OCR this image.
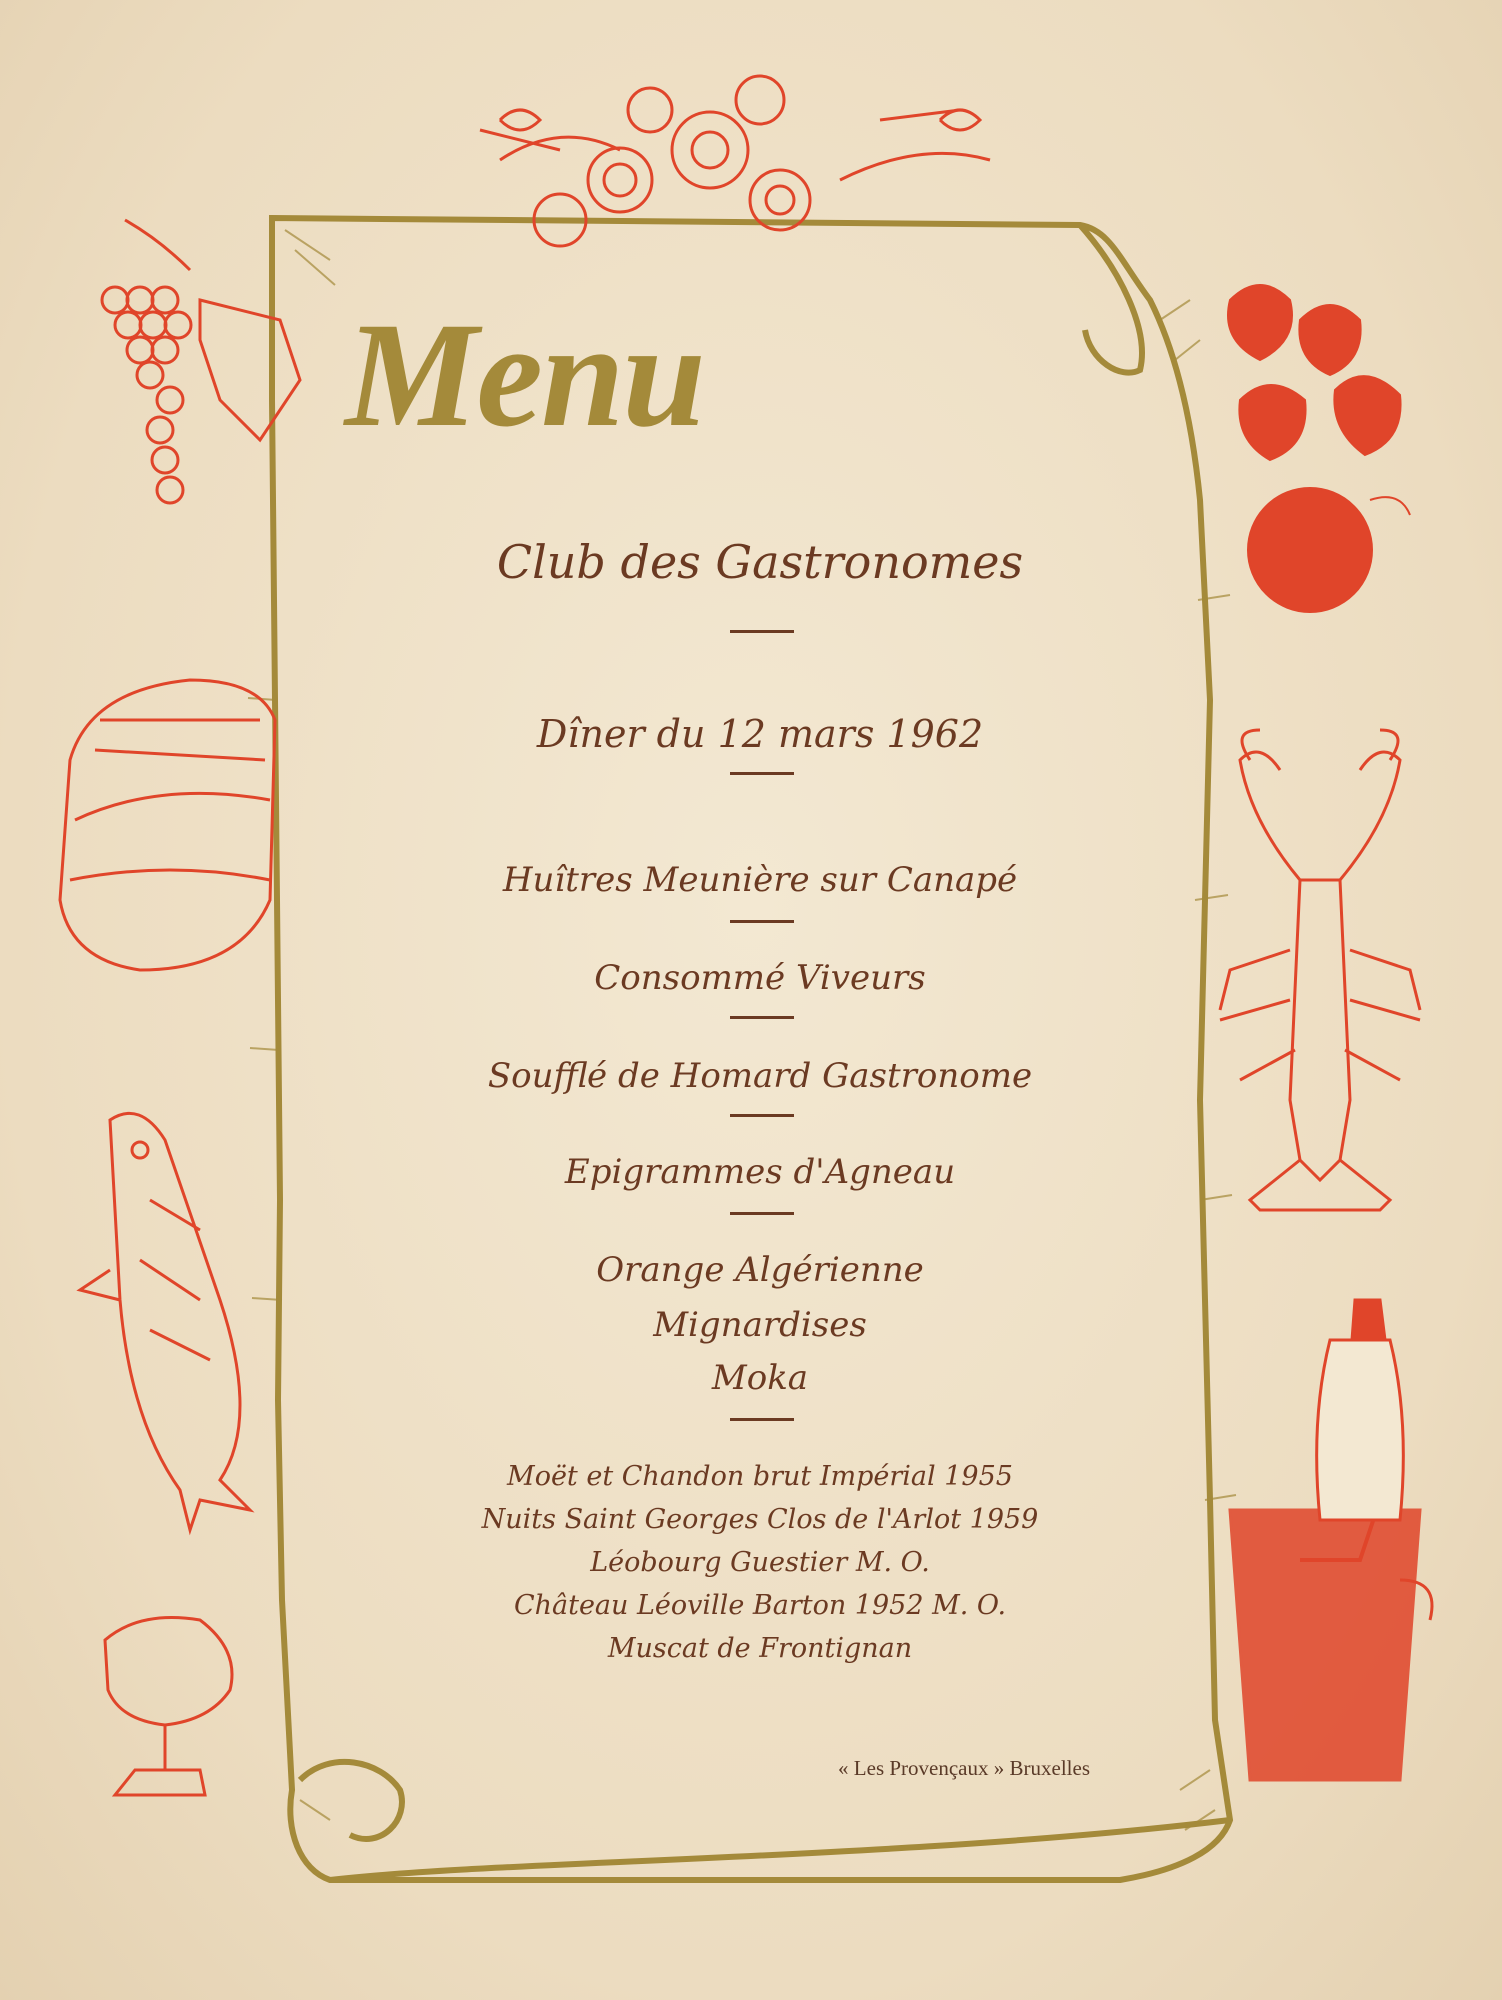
Menu
Club des Gastronomes
Dîner du 12 mars 1962
Huîtres Meunière sur Canapé
Consommé Viveurs
Soufflé de Homard Gastronome
Epigrammes d'Agneau
Orange Algérienne
Mignardises
Moka
Moët et Chandon brut Impérial 1955
Nuits Saint Georges Clos de l'Arlot 1959
Léobourg Guestier M. O.
Château Léoville Barton 1952 M. O.
Muscat de Frontignan
« Les Provençaux » Bruxelles
